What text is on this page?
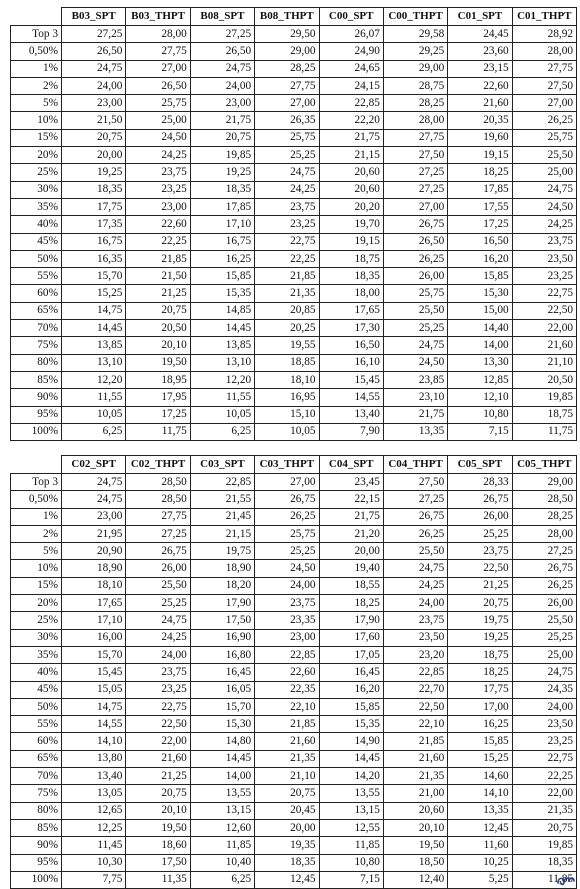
	B03_SPT	B03_THPT	B08_SPT	B08_THPT	C00_SPT	C00_THPT	C01_SPT	C01_THPT
Top 3	27,25	28,00	27,25	29,50	26,07	29,58	24,45	28,92
0,50%	26,50	27,75	26,50	29,00	24,90	29,25	23,60	28,00
1%	24,75	27,00	24,75	28,25	24,65	29,00	23,15	27,75
2%	24,00	26,50	24,00	27,75	24,15	28,75	22,60	27,50
5%	23,00	25,75	23,00	27,00	22,85	28,25	21,60	27,00
10%	21,50	25,00	21,75	26,35	22,20	28,00	20,35	26,25
15%	20,75	24,50	20,75	25,75	21,75	27,75	19,60	25,75
20%	20,00	24,25	19,85	25,25	21,15	27,50	19,15	25,50
25%	19,25	23,75	19,25	24,75	20,60	27,25	18,25	25,00
30%	18,35	23,25	18,35	24,25	20,60	27,25	17,85	24,75
35%	17,75	23,00	17,85	23,75	20,20	27,00	17,55	24,50
40%	17,35	22,60	17,10	23,25	19,70	26,75	17,25	24,25
45%	16,75	22,25	16,75	22,75	19,15	26,50	16,50	23,75
50%	16,35	21,85	16,25	22,25	18,75	26,25	16,20	23,50
55%	15,70	21,50	15,85	21,85	18,35	26,00	15,85	23,25
60%	15,25	21,25	15,35	21,35	18,00	25,75	15,30	22,75
65%	14,75	20,75	14,85	20,85	17,65	25,50	15,00	22,50
70%	14,45	20,50	14,45	20,25	17,30	25,25	14,40	22,00
75%	13,85	20,10	13,85	19,55	16,50	24,75	14,00	21,60
80%	13,10	19,50	13,10	18,85	16,10	24,50	13,30	21,10
85%	12,20	18,95	12,20	18,10	15,45	23,85	12,85	20,50
90%	11,55	17,95	11,55	16,95	14,55	23,10	12,10	19,85
95%	10,05	17,25	10,05	15,10	13,40	21,75	10,80	18,75
100%	6,25	11,75	6,25	10,05	7,90	13,35	7,15	11,75
	C02_SPT	C02_THPT	C03_SPT	C03_THPT	C04_SPT	C04_THPT	C05_SPT	C05_THPT
Top 3	24,75	28,50	22,85	27,00	23,45	27,50	28,33	29,00
0,50%	24,75	28,50	21,55	26,75	22,15	27,25	26,75	28,50
1%	23,00	27,75	21,45	26,25	21,75	26,75	26,00	28,25
2%	21,95	27,25	21,15	25,75	21,20	26,25	25,25	28,00
5%	20,90	26,75	19,75	25,25	20,00	25,50	23,75	27,25
10%	18,90	26,00	18,90	24,50	19,40	24,75	22,50	26,75
15%	18,10	25,50	18,20	24,00	18,55	24,25	21,25	26,25
20%	17,65	25,25	17,90	23,75	18,25	24,00	20,75	26,00
25%	17,10	24,75	17,50	23,35	17,90	23,75	19,75	25,50
30%	16,00	24,25	16,90	23,00	17,60	23,50	19,25	25,25
35%	15,70	24,00	16,80	22,85	17,05	23,20	18,75	25,00
40%	15,45	23,75	16,45	22,60	16,45	22,85	18,25	24,75
45%	15,05	23,25	16,05	22,35	16,20	22,70	17,75	24,35
50%	14,75	22,75	15,70	22,10	15,85	22,50	17,00	24,00
55%	14,55	22,50	15,30	21,85	15,35	22,10	16,25	23,50
60%	14,10	22,00	14,80	21,60	14,90	21,85	15,85	23,25
65%	13,80	21,60	14,45	21,35	14,45	21,60	15,25	22,75
70%	13,40	21,25	14,00	21,10	14,20	21,35	14,60	22,25
75%	13,05	20,75	13,55	20,75	13,55	21,00	14,10	22,00
80%	12,65	20,10	13,15	20,45	13,15	20,60	13,35	21,35
85%	12,25	19,50	12,60	20,00	12,55	20,10	12,45	20,75
90%	11,45	18,60	11,85	19,35	11,85	19,50	11,60	19,85
95%	10,30	17,50	10,40	18,35	10,80	18,50	10,25	18,35
100%	7,75	11,35	6,25	12,45	7,15	12,40	5,25	11,85
